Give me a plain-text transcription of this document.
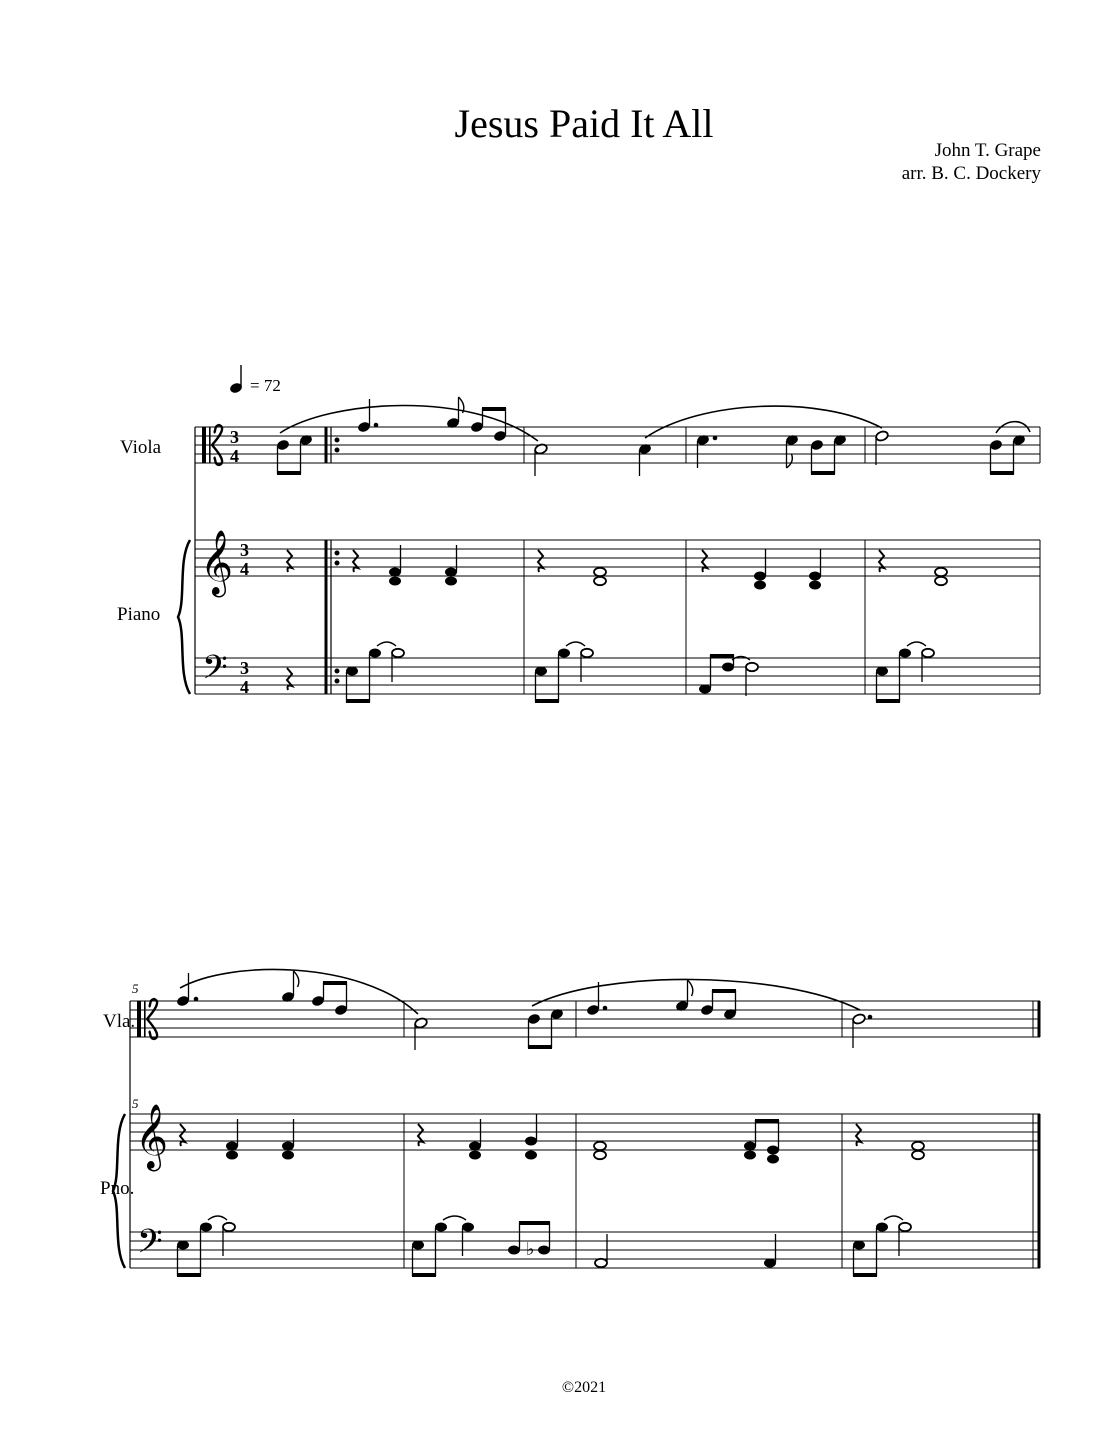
Jesus Paid It All
John T. Grape
arr. B. C. Dockery
Viola
Piano
Vla.
Pno.
©2021
= 72
3
4
𝄞 3
4
𝄢 3
4
5
5
𝄞
𝄢	♭
